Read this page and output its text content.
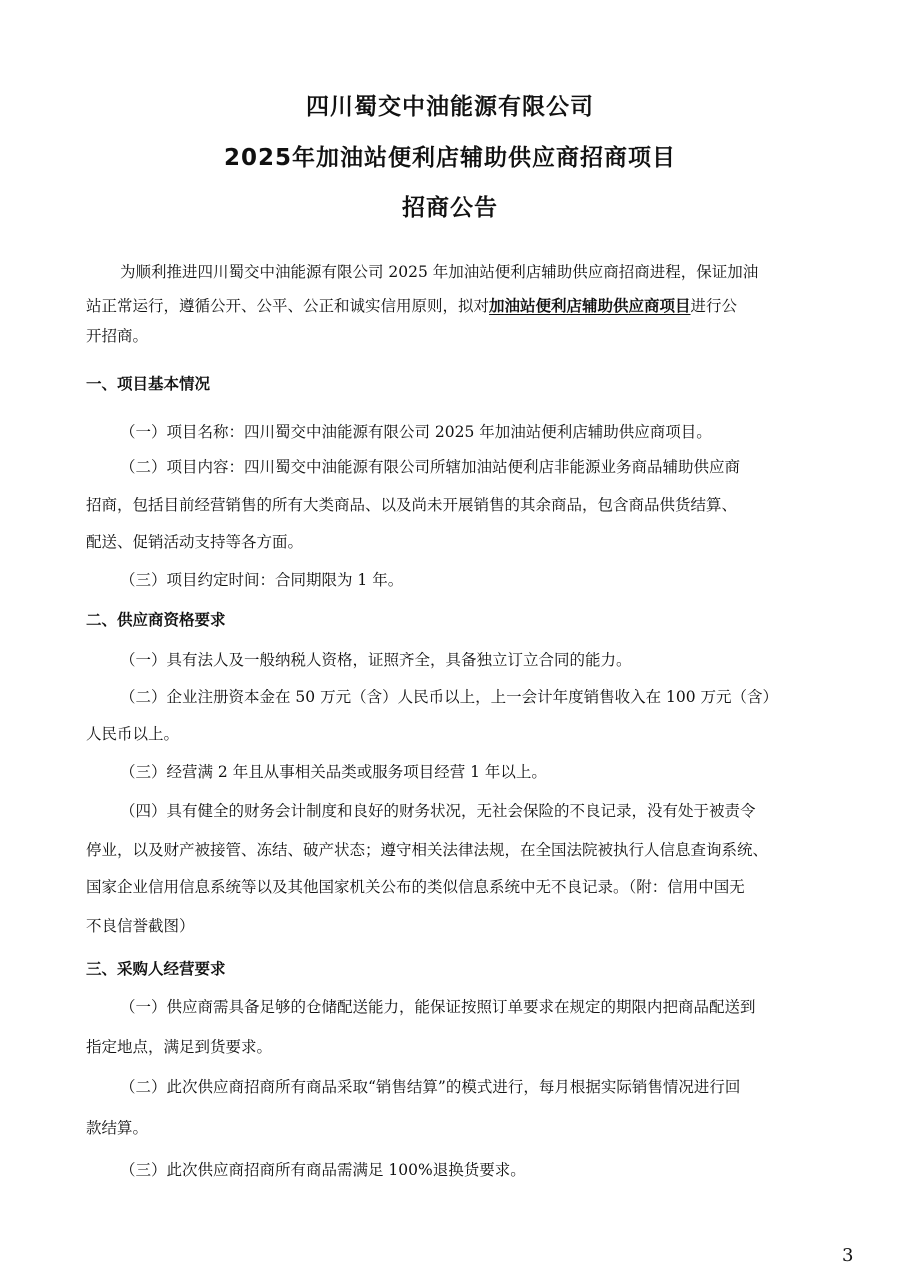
四川蜀交中油能源有限公司
2025年加油站便利店辅助供应商招商项目
招商公告
为顺利推进四川蜀交中油能源有限公司 2025 年加油站便利店辅助供应商招商进程，保证加油
站正常运行，遵循公开、公平、公正和诚实信用原则，拟对加油站便利店辅助供应商项目进行公
开招商。
一、项目基本情况
（一）项目名称：四川蜀交中油能源有限公司 2025 年加油站便利店辅助供应商项目。
（二）项目内容：四川蜀交中油能源有限公司所辖加油站便利店非能源业务商品辅助供应商
招商，包括目前经营销售的所有大类商品、以及尚未开展销售的其余商品，包含商品供货结算、
配送、促销活动支持等各方面。
（三）项目约定时间：合同期限为 1 年。
二、供应商资格要求
（一）具有法人及一般纳税人资格，证照齐全，具备独立订立合同的能力。
（二）企业注册资本金在 50 万元（含）人民币以上，上一会计年度销售收入在 100 万元（含）
人民币以上。
（三）经营满 2 年且从事相关品类或服务项目经营 1 年以上。
（四）具有健全的财务会计制度和良好的财务状况，无社会保险的不良记录，没有处于被责令
停业，以及财产被接管、冻结、破产状态；遵守相关法律法规，在全国法院被执行人信息查询系统、
国家企业信用信息系统等以及其他国家机关公布的类似信息系统中无不良记录。（附：信用中国无
不良信誉截图）
三、采购人经营要求
（一）供应商需具备足够的仓储配送能力，能保证按照订单要求在规定的期限内把商品配送到
指定地点，满足到货要求。
（二）此次供应商招商所有商品采取“销售结算”的模式进行，每月根据实际销售情况进行回
款结算。
（三）此次供应商招商所有商品需满足 100%退换货要求。
3
